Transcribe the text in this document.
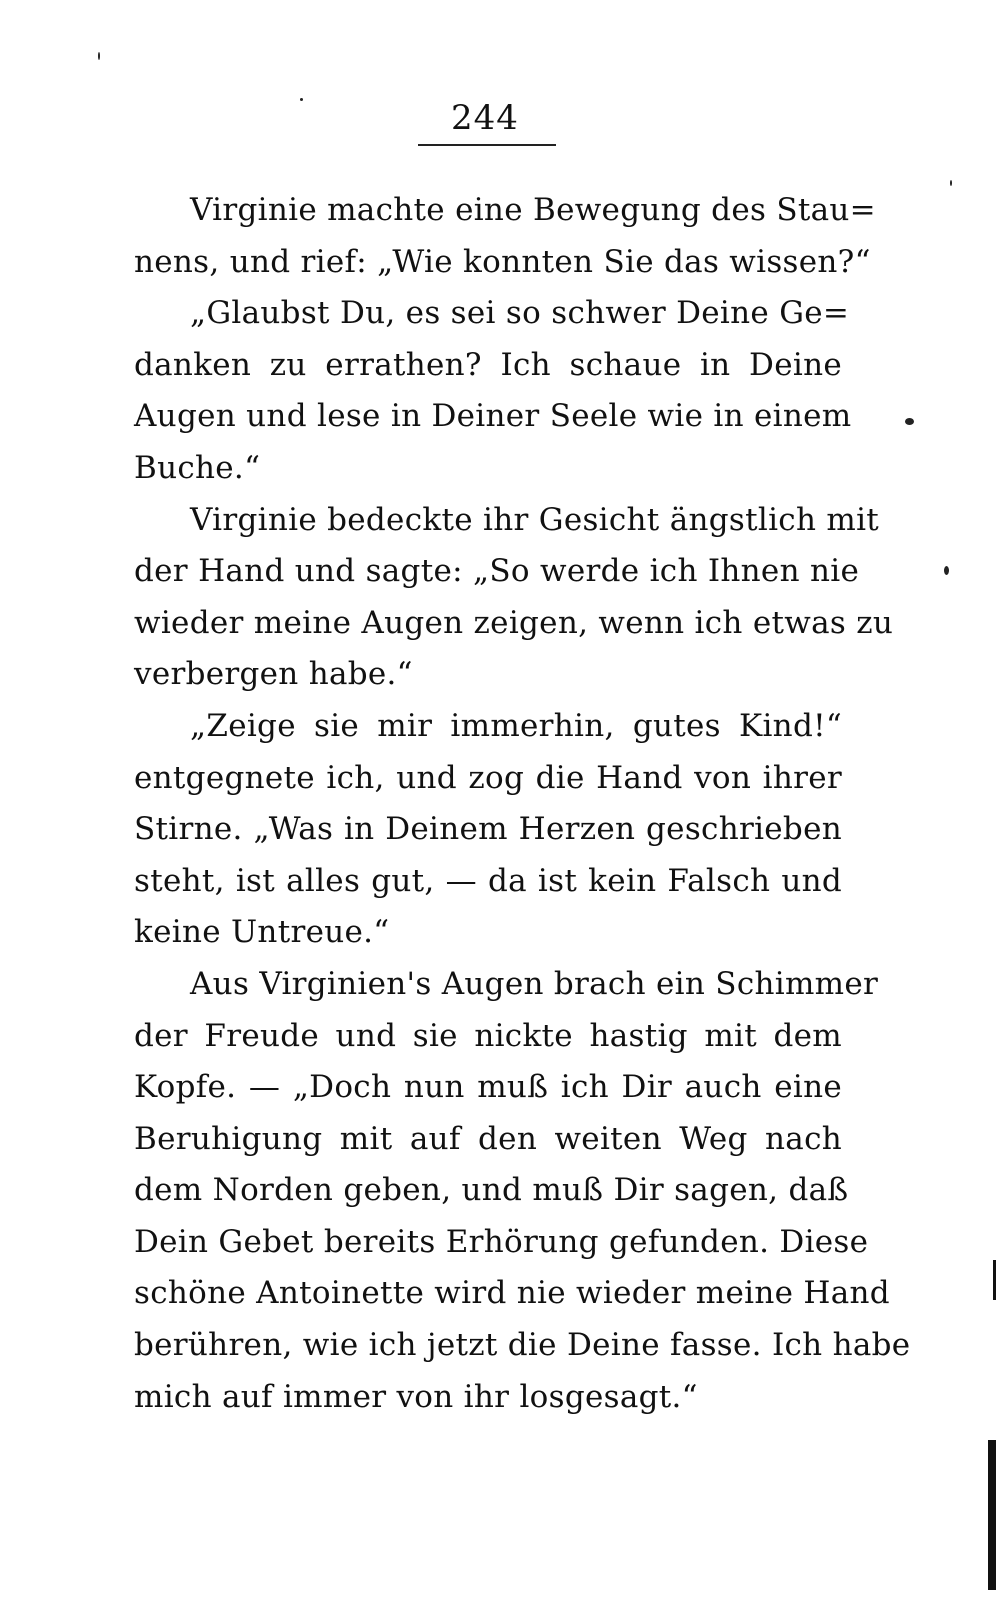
244
Virginie machte eine Bewegung des Stau=
nens, und rief: „Wie konnten Sie das wissen?“
„Glaubst Du, es sei so schwer Deine Ge=
danken zu errathen? Ich schaue in Deine
Augen und lese in Deiner Seele wie in einem
Buche.“
Virginie bedeckte ihr Gesicht ängstlich mit
der Hand und sagte: „So werde ich Ihnen nie
wieder meine Augen zeigen, wenn ich etwas zu
verbergen habe.“
„Zeige sie mir immerhin, gutes Kind!“
entgegnete ich, und zog die Hand von ihrer
Stirne. „Was in Deinem Herzen geschrieben
steht, ist alles gut, — da ist kein Falsch und
keine Untreue.“
Aus Virginien's Augen brach ein Schimmer
der Freude und sie nickte hastig mit dem
Kopfe. — „Doch nun muß ich Dir auch eine
Beruhigung mit auf den weiten Weg nach
dem Norden geben, und muß Dir sagen, daß
Dein Gebet bereits Erhörung gefunden. Diese
schöne Antoinette wird nie wieder meine Hand
berühren, wie ich jetzt die Deine fasse. Ich habe
mich auf immer von ihr losgesagt.“
